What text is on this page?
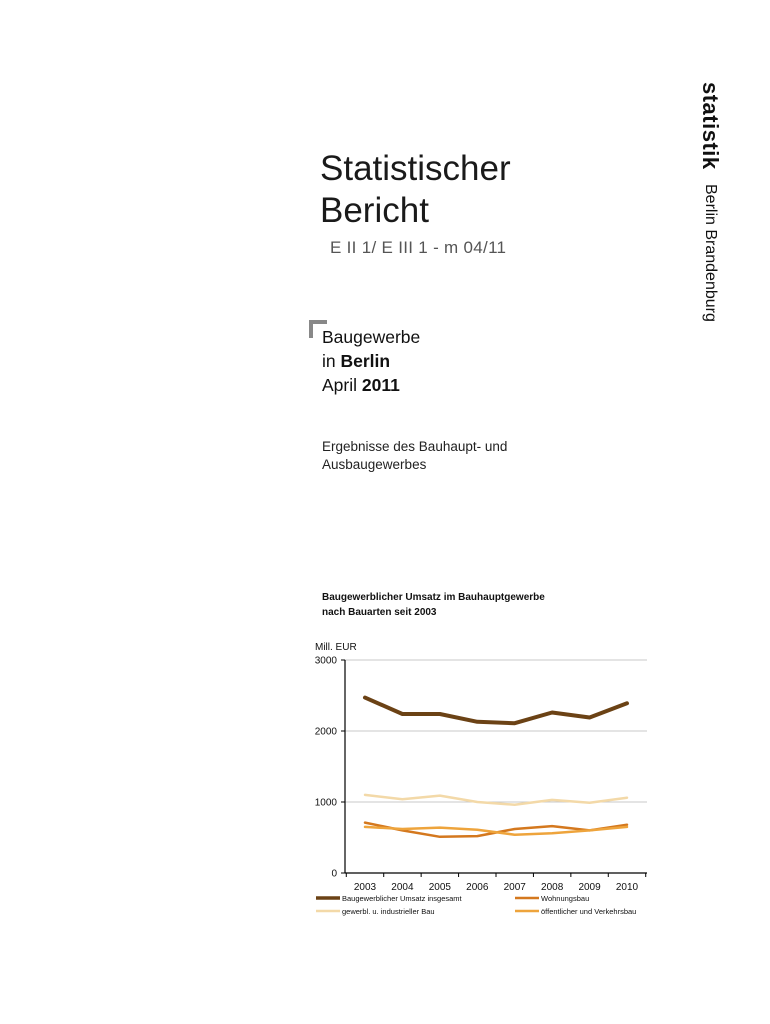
statistik Berlin Brandenburg
Statistischer
Bericht
E II 1/ E III 1 - m 04/11
Baugewerbe
in Berlin
April 2011
Ergebnisse des Bauhaupt- und
Ausbaugewerbes
Baugewerblicher Umsatz im Bauhauptgewerbe
nach Bauarten seit 2003
0
1000
2000
3000
Mill. EUR
2003 2004 2005 2006 2007 2008 2009 2010
Baugewerblicher Umsatz insgesamt	Wohnungsbau
gewerbl. u. industrieller Bau	öffentlicher und Verkehrsbau
